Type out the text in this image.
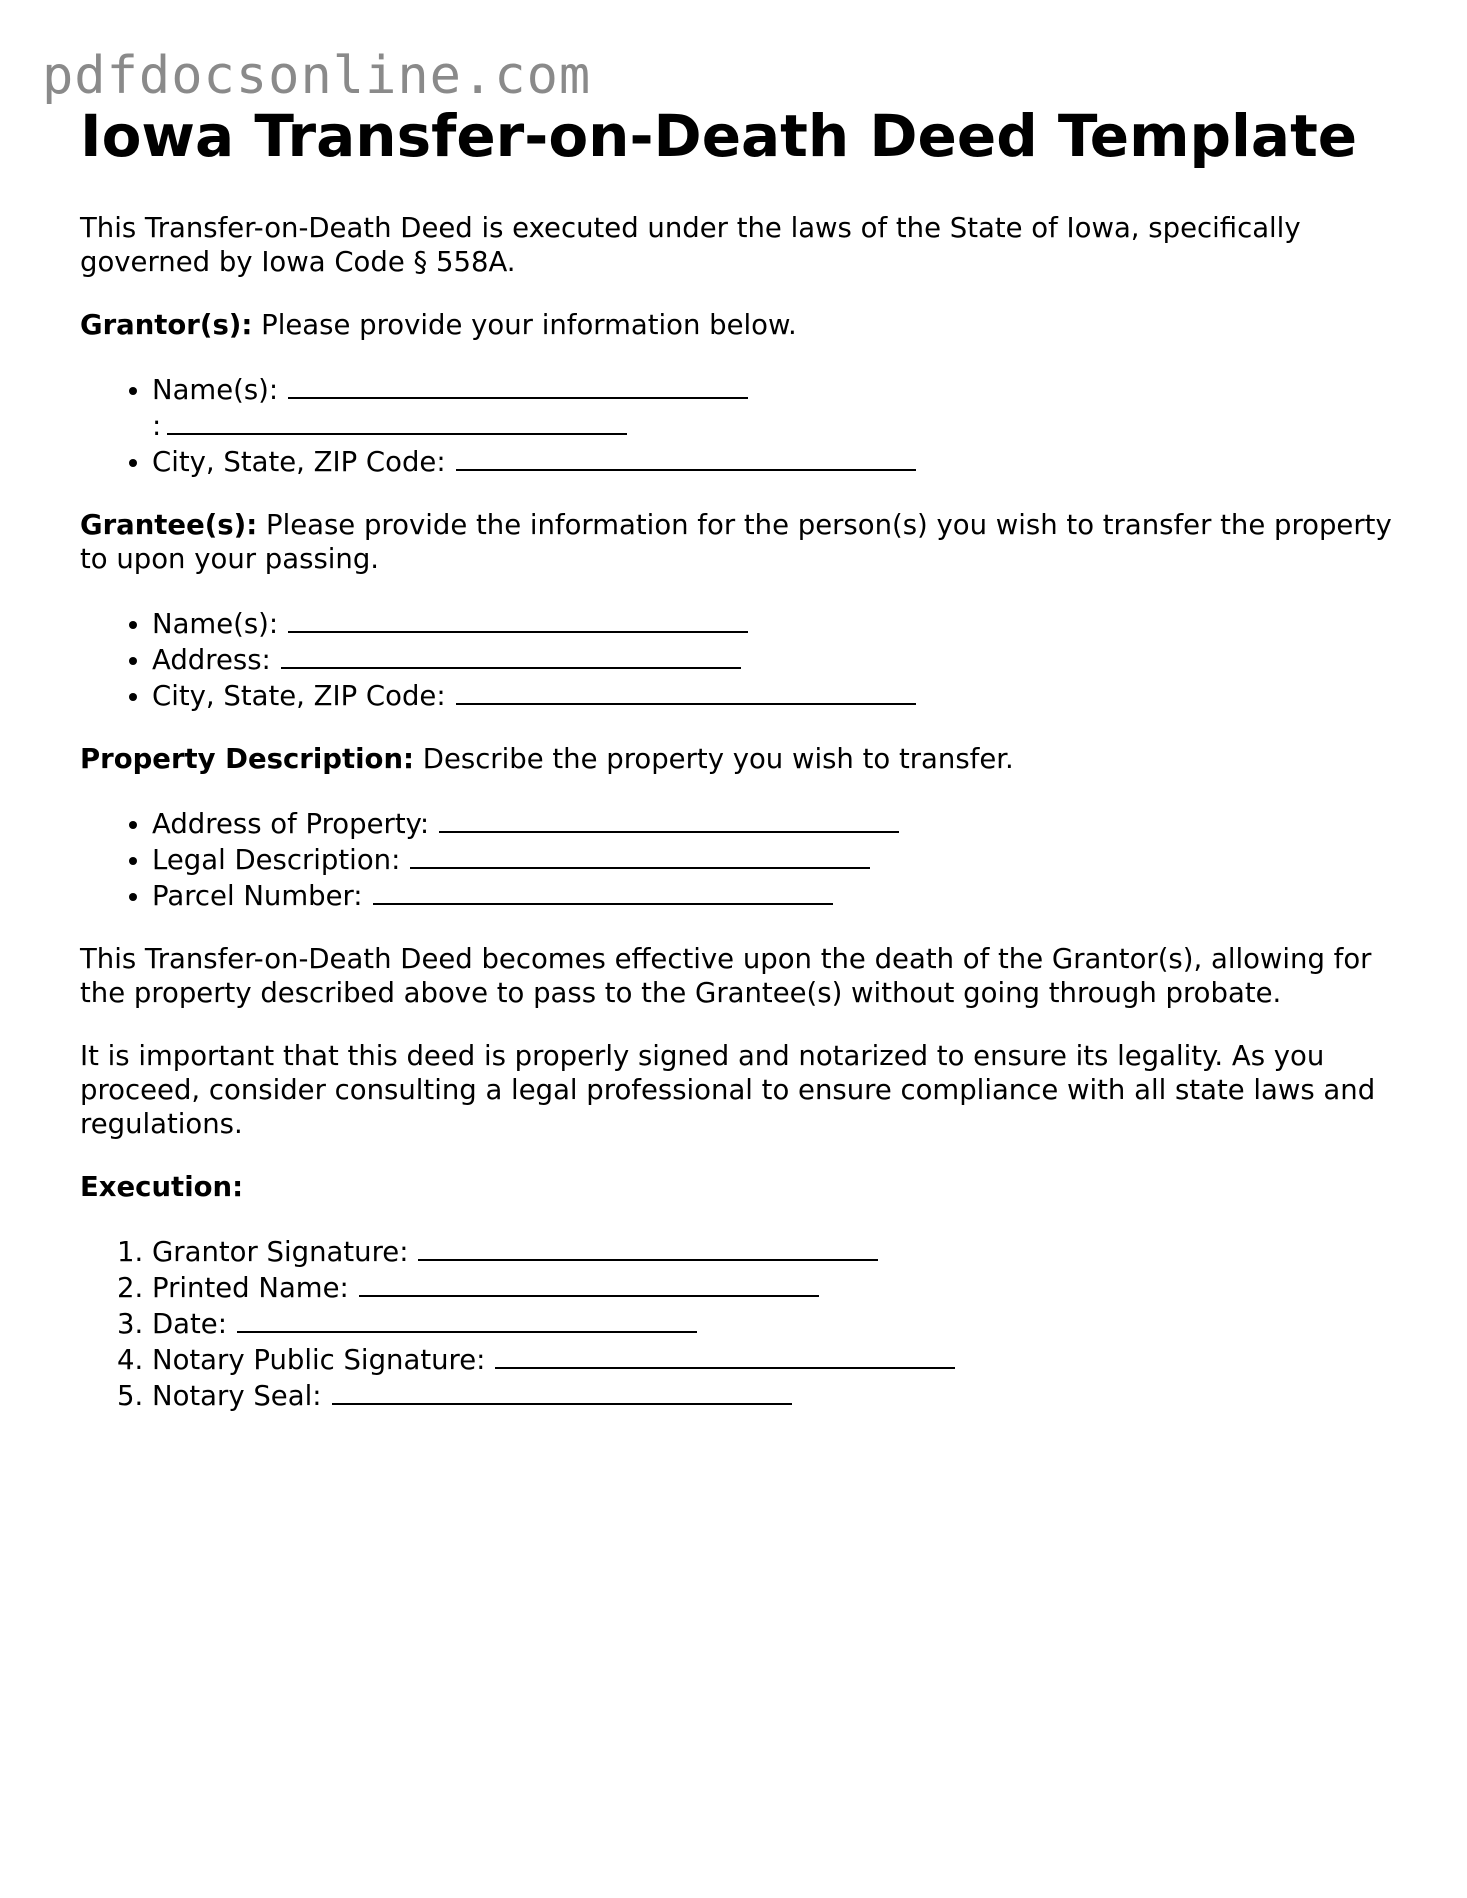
pdfdocsonline.com
Iowa Transfer-on-Death Deed Template

This Transfer-on-Death Deed is executed under the laws of the State of Iowa, specifically governed by Iowa Code § 558A.

Grantor(s): Please provide your information below.

• Name(s):
:
• City, State, ZIP Code:

Grantee(s): Please provide the information for the person(s) you wish to transfer the property to upon your passing.

• Name(s):
• Address:
• City, State, ZIP Code:

Property Description: Describe the property you wish to transfer.

• Address of Property:
• Legal Description:
• Parcel Number:

This Transfer-on-Death Deed becomes effective upon the death of the Grantor(s), allowing for the property described above to pass to the Grantee(s) without going through probate.

It is important that this deed is properly signed and notarized to ensure its legality. As you proceed, consider consulting a legal professional to ensure compliance with all state laws and regulations.

Execution:

1. Grantor Signature:
2. Printed Name:
3. Date:
4. Notary Public Signature:
5. Notary Seal:
